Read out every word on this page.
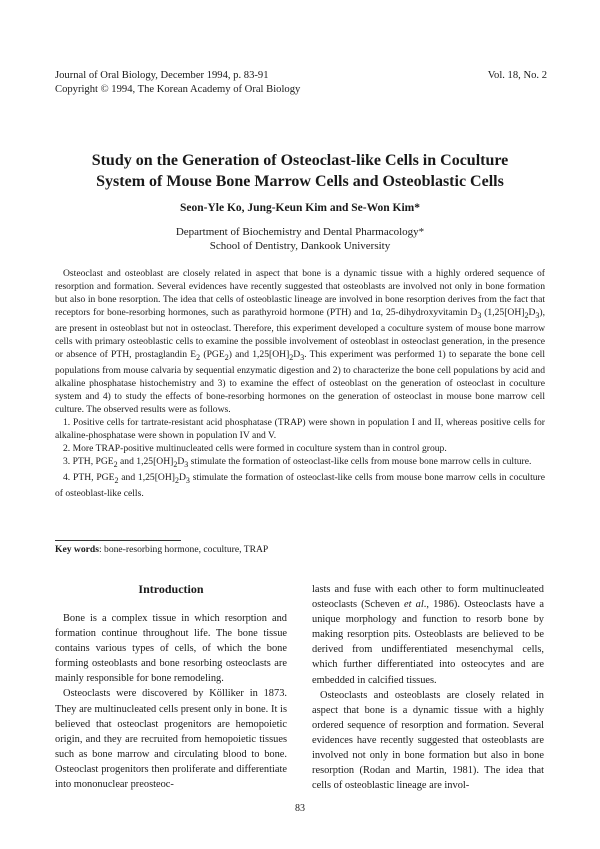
Journal of Oral Biology, December 1994, p. 83-91
Copyright © 1994, The Korean Academy of Oral Biology
Vol. 18, No. 2
Study on the Generation of Osteoclast-like Cells in Coculture
System of Mouse Bone Marrow Cells and Osteoblastic Cells
Seon-Yle Ko, Jung-Keun Kim and Se-Won Kim*
Department of Biochemistry and Dental Pharmacology*
School of Dentistry, Dankook University

Osteoclast and osteoblast are closely related in aspect that bone is a dynamic tissue with a highly ordered sequence of resorption and formation. Several evidences have recently suggested that osteoblasts are involved not only in bone formation but also in bone resorption. The idea that cells of osteoblastic lineage are involved in bone resorption derives from the fact that receptors for bone-resorbing hormones, such as parathyroid hormone (PTH) and 1α, 25-dihydroxyvitamin $D_3$ $(1,25[OH]_2D_3)$, are present in osteoblast but not in osteoclast. Therefore, this experiment developed a coculture system of mouse bone marrow cells with primary osteoblastic cells to examine the possible involvement of osteoblast in osteoclast generation, in the presence or absence of PTH, prostaglandin $E_2$ $(PGE_2)$ and $1,25[OH]_2D_3$. This experiment was performed 1) to separate the bone cell populations from mouse calvaria by sequential enzymatic digestion and 2) to characterize the bone cell populations by acid and alkaline phosphatase histochemistry and 3) to examine the effect of osteoblast on the generation of osteoclast in coculture system and 4) to study the effects of bone-resorbing hormones on the generation of osteoclast in mouse bone marrow cell culture. The observed results were as follows.

1. Positive cells for tartrate-resistant acid phosphatase (TRAP) were shown in population I and II, whereas positive cells for alkaline-phosphatase were shown in population IV and V.

2. More TRAP-positive multinucleated cells were formed in coculture system than in control group.

3. PTH, $PGE_2$ and $1,25[OH]_2D_3$ stimulate the formation of osteoclast-like cells from mouse bone marrow cells in culture.

4. PTH, $PGE_2$ and $1,25[OH]_2D_3$ stimulate the formation of osteoclast-like cells from mouse bone marrow cells in coculture of osteoblast-like cells.

Key words: bone-resorbing hormone, coculture, TRAP
Introduction

Bone is a complex tissue in which resorption and formation continue throughout life. The bone tissue contains various types of cells, of which the bone forming osteoblasts and bone resorbing osteoclasts are mainly responsible for bone remodeling.

Osteoclasts were discovered by Kölliker in 1873. They are multinucleated cells present only in bone. It is believed that osteoclast progenitors are hemopoietic origin, and they are recruited from hemopoietic tissues such as bone marrow and circulating blood to bone. Osteoclast progenitors then proliferate and differentiate into mononuclear preosteoc-

lasts and fuse with each other to form multinucleated osteoclasts (Scheven et al., 1986). Osteoclasts have a unique morphology and function to resorb bone by making resorption pits. Osteoblasts are believed to be derived from undifferentiated mesenchymal cells, which further differentiated into osteocytes and are embedded in calcified tissues.

Osteoclasts and osteoblasts are closely related in aspect that bone is a dynamic tissue with a highly ordered sequence of resorption and formation. Several evidences have recently suggested that osteoblasts are involved not only in bone formation but also in bone resorption (Rodan and Martin, 1981). The idea that cells of osteoblastic lineage are invol-

83
